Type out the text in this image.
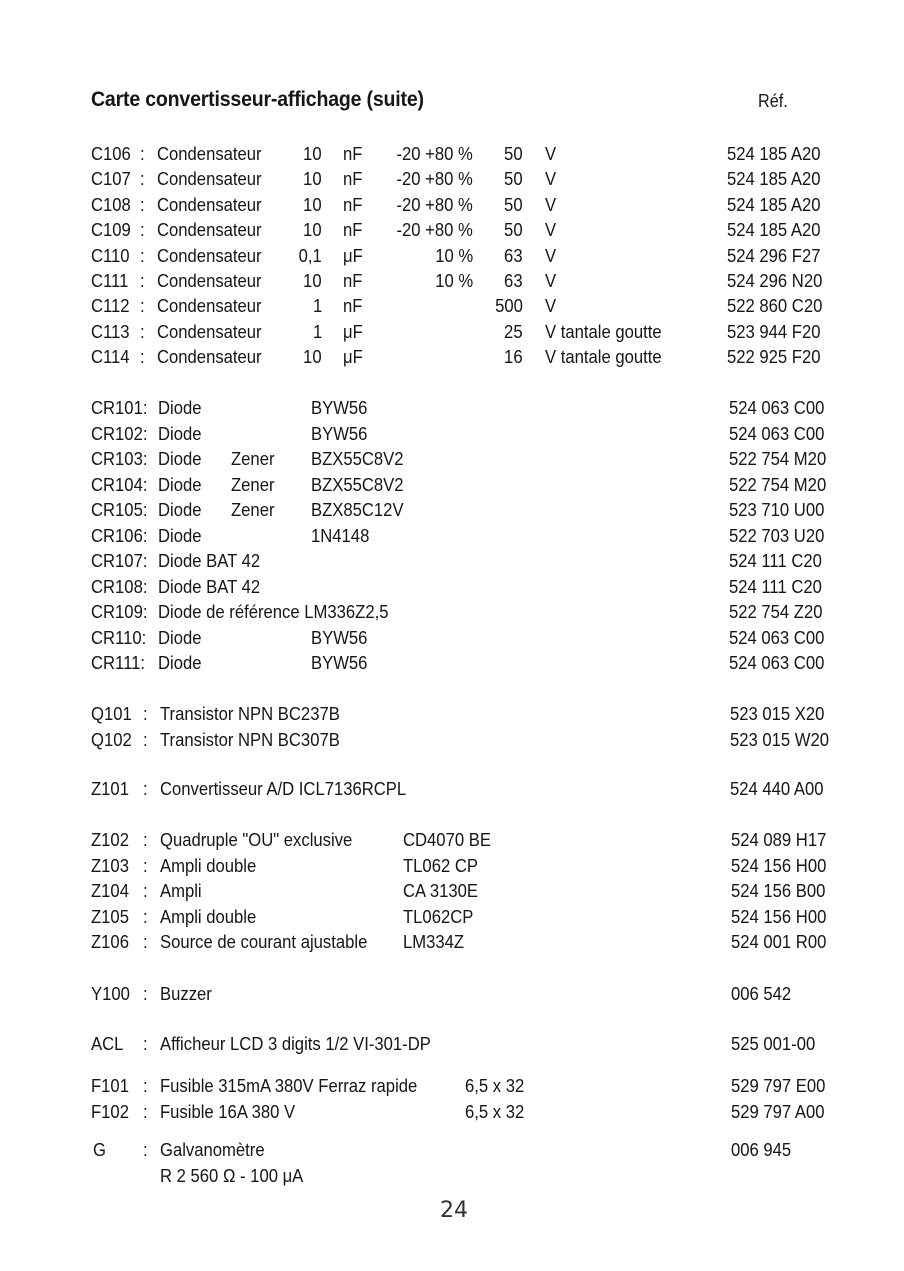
Carte convertisseur-affichage (suite)	Réf.
C106 : Condensateur 10 nF -20 +80 % 50 V	524 185 A20
C107 : Condensateur 10 nF -20 +80 % 50 V	524 185 A20
C108 : Condensateur 10 nF -20 +80 % 50 V	524 185 A20
C109 : Condensateur 10 nF -20 +80 % 50 V	524 185 A20
C110 : Condensateur 0,1 μF	10 % 63 V	524 296 F27
C111 : Condensateur 10 nF	10 % 63 V	524 296 N20
C112 : Condensateur	1 nF	500 V	522 860 C20
C113 : Condensateur	1 μF	25 V tantale goutte	523 944 F20
C114 : Condensateur 10 μF	16 V tantale goutte	522 925 F20
CR101: Diode	BYW56	524 063 C00
CR102: Diode	BYW56	524 063 C00
CR103: Diode Zener BZX55C8V2	522 754 M20
CR104: Diode Zener BZX55C8V2	522 754 M20
CR105: Diode Zener BZX85C12V	523 710 U00
CR106: Diode	1N4148	522 703 U20
CR107: Diode BAT 42	524 111 C20
CR108: Diode BAT 42	524 111 C20
CR109: Diode de référence LM336Z2,5	522 754 Z20
CR110: Diode	BYW56	524 063 C00
CR111: Diode	BYW56	524 063 C00
Q101 : Transistor NPN BC237B	523 015 X20
Q102 : Transistor NPN BC307B	523 015 W20
Z101 : Convertisseur A/D ICL7136RCPL	524 440 A00
Z102 : Quadruple "OU" exclusive	CD4070 BE	524 089 H17
Z103 : Ampli double	TL062 CP	524 156 H00
Z104 : Ampli	CA 3130E	524 156 B00
Z105 : Ampli double	TL062CP	524 156 H00
Z106 : Source de courant ajustable LM334Z	524 001 R00
Y100 : Buzzer	006 542
ACL : Afficheur LCD 3 digits 1/2 VI-301-DP	525 001-00
F101 : Fusible 315mA 380V Ferraz rapide	6,5 x 32	529 797 E00
F102 : Fusible 16A 380 V	6,5 x 32	529 797 A00
G : Galvanomètre	006 945
R 2 560 Ω - 100 μA
24
